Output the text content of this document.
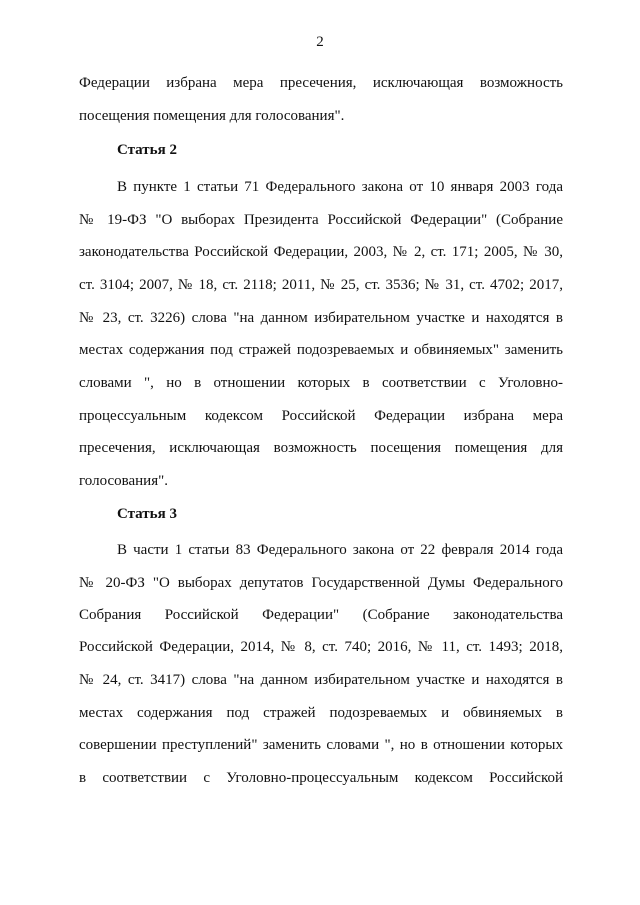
2
Федерации избрана мера пресечения, исключающая возможность
посещения помещения для голосования".
Статья 2
В пункте 1 статьи 71 Федерального закона от 10 января 2003 года
№ 19-ФЗ "О выборах Президента Российской Федерации" (Собрание
законодательства Российской Федерации, 2003, № 2, ст. 171; 2005, № 30,
ст. 3104; 2007, № 18, ст. 2118; 2011, № 25, ст. 3536; № 31, ст. 4702; 2017,
№ 23, ст. 3226) слова "на данном избирательном участке и находятся в
местах содержания под стражей подозреваемых и обвиняемых" заменить
словами ", но в отношении которых в соответствии с Уголовно-
процессуальным кодексом Российской Федерации избрана мера
пресечения, исключающая возможность посещения помещения для
голосования".
Статья 3
В части 1 статьи 83 Федерального закона от 22 февраля 2014 года
№ 20-ФЗ "О выборах депутатов Государственной Думы Федерального
Собрания Российской Федерации" (Собрание законодательства
Российской Федерации, 2014, № 8, ст. 740; 2016, № 11, ст. 1493; 2018,
№ 24, ст. 3417) слова "на данном избирательном участке и находятся в
местах содержания под стражей подозреваемых и обвиняемых в
совершении преступлений" заменить словами ", но в отношении которых
в соответствии с Уголовно-процессуальным кодексом Российской
